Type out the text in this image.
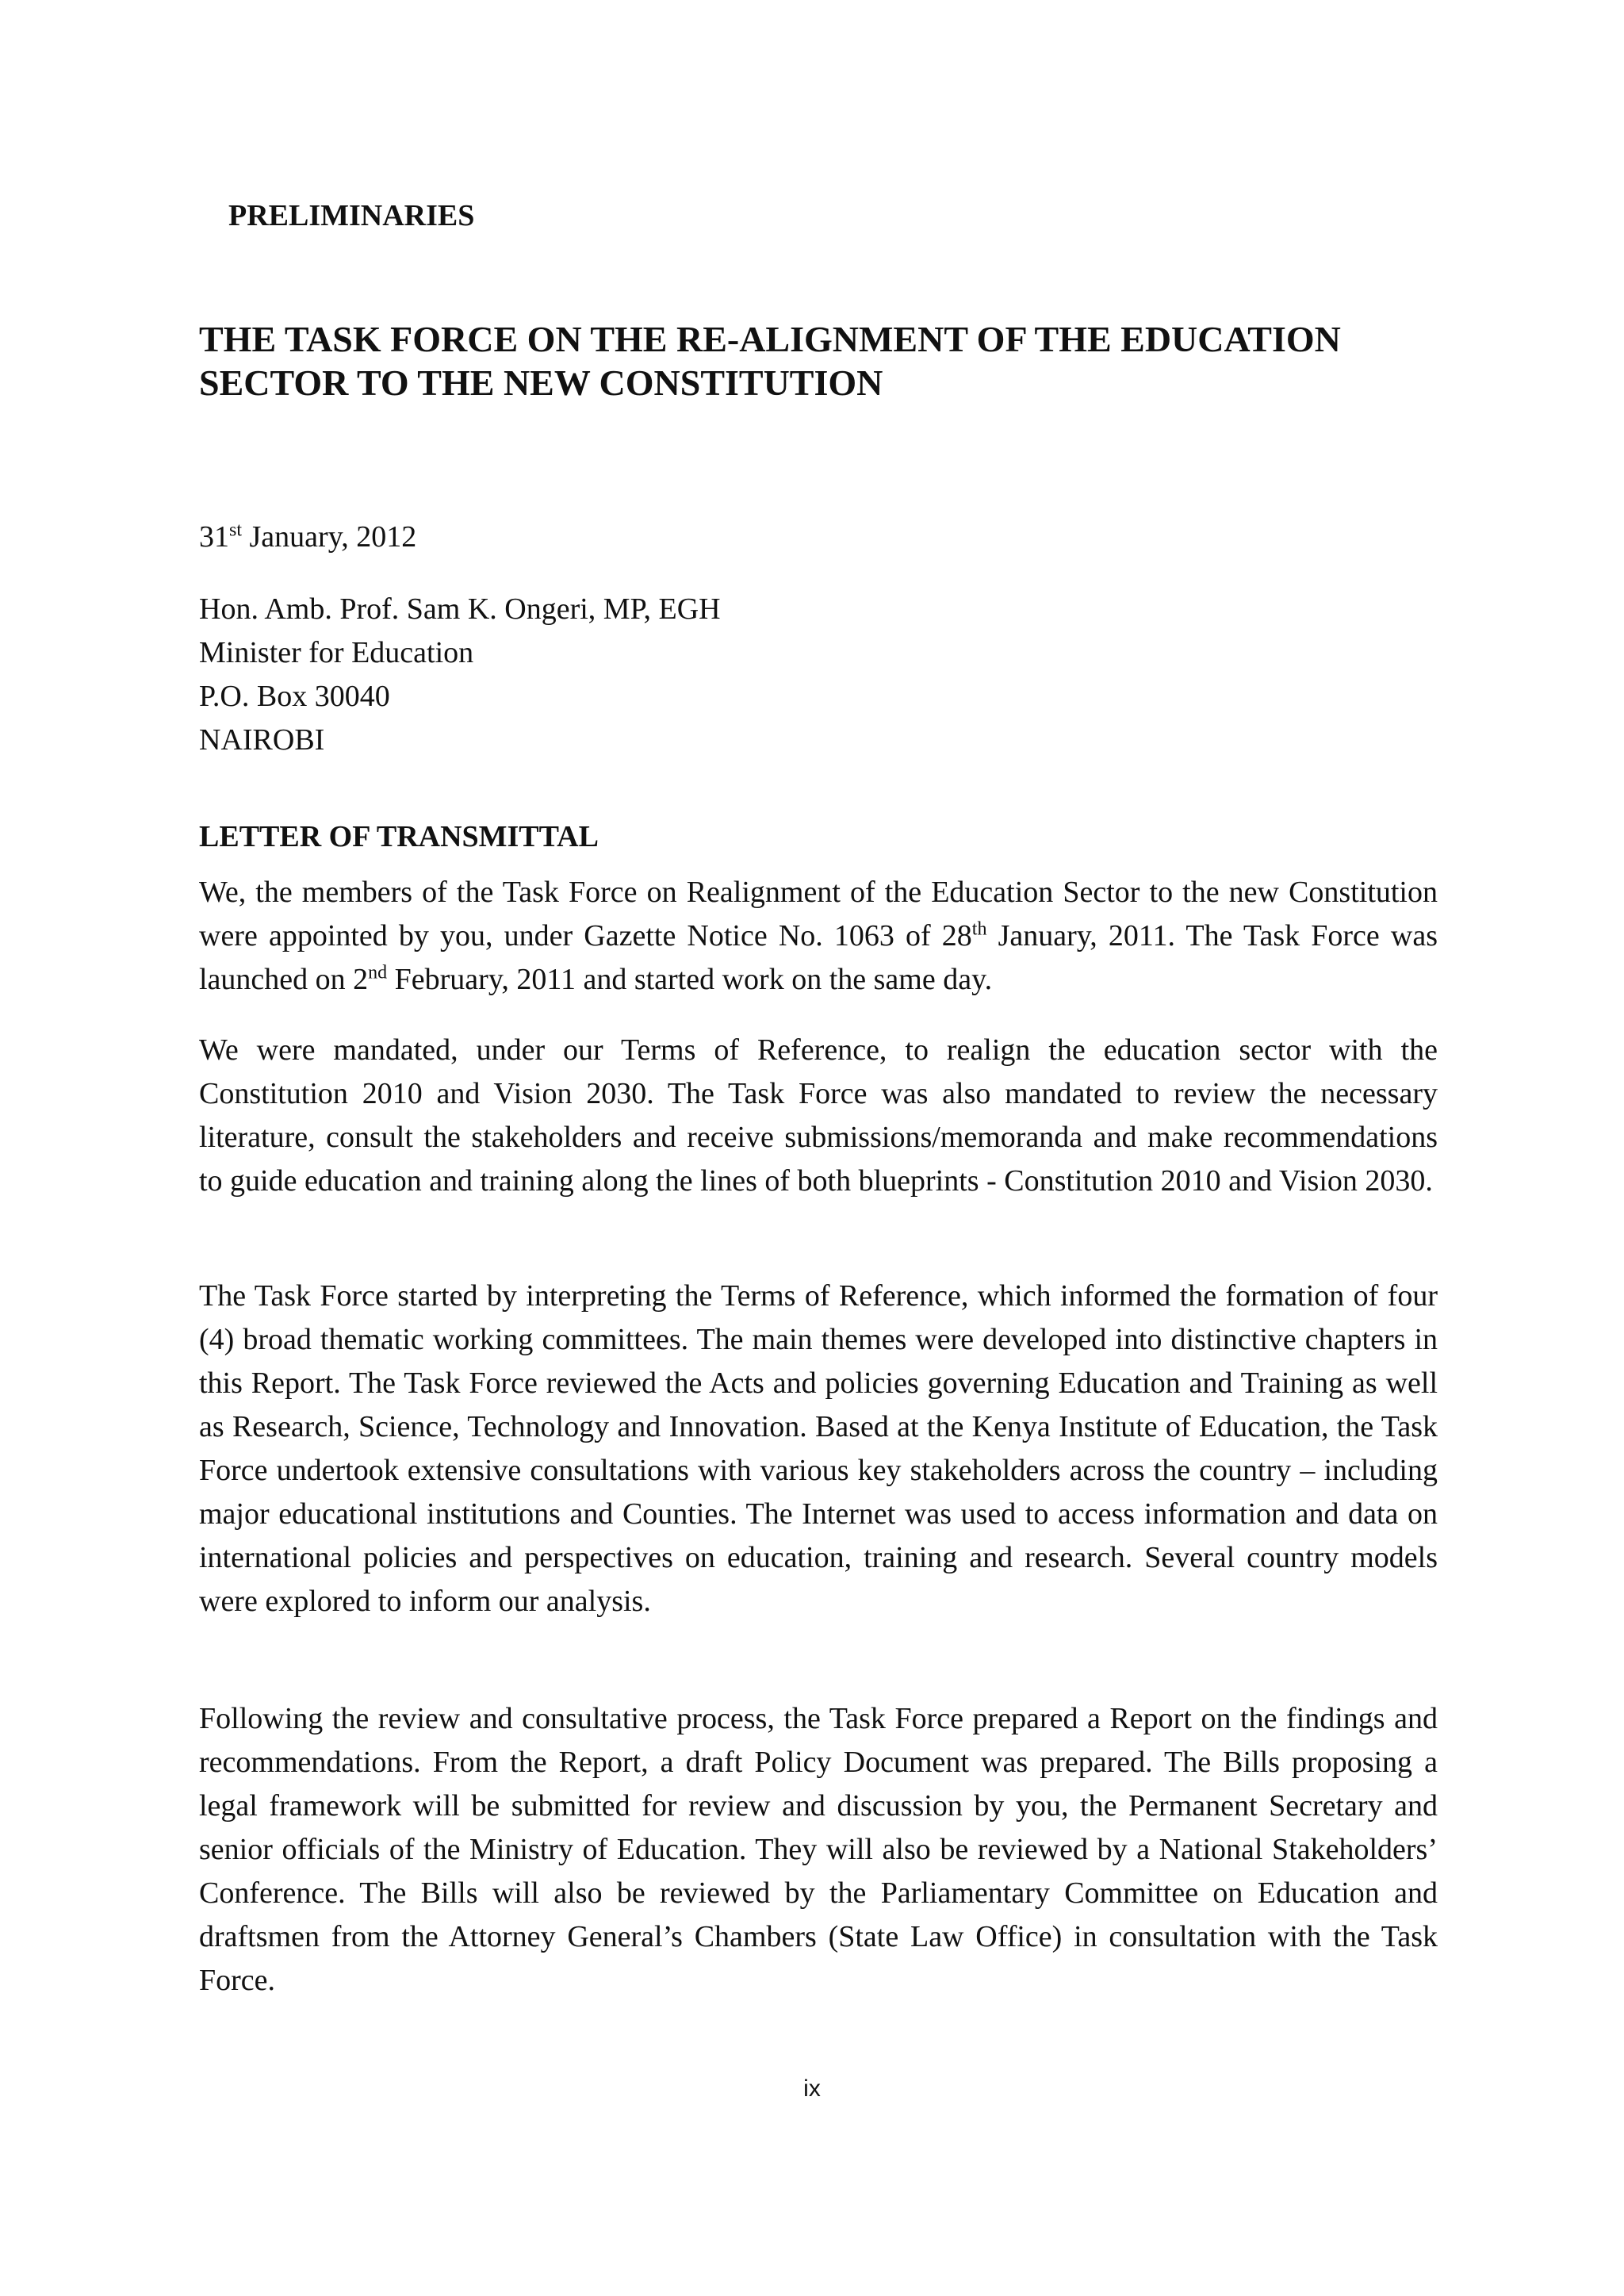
PRELIMINARIES

THE TASK FORCE ON THE RE-ALIGNMENT OF THE EDUCATION
SECTOR TO THE NEW CONSTITUTION

31st January, 2012

Hon. Amb. Prof. Sam K. Ongeri, MP, EGH
Minister for Education
P.O. Box 30040
NAIROBI

LETTER OF TRANSMITTAL

We, the members of the Task Force on Realignment of the Education Sector to the new Constitution were appointed by you, under Gazette Notice No. 1063 of 28th January, 2011. The Task Force was launched on 2nd February, 2011 and started work on the same day.

We were mandated, under our Terms of Reference, to realign the education sector with the Constitution 2010 and Vision 2030. The Task Force was also mandated to review the necessary literature, consult the stakeholders and receive submissions/memoranda and make recommendations to guide education and training along the lines of both blueprints - Constitution 2010 and Vision 2030.

The Task Force started by interpreting the Terms of Reference, which informed the formation of four (4) broad thematic working committees. The main themes were developed into distinctive chapters in this Report. The Task Force reviewed the Acts and policies governing Education and Training as well as Research, Science, Technology and Innovation. Based at the Kenya Institute of Education, the Task Force undertook extensive consultations with various key stakeholders across the country – including major educational institutions and Counties. The Internet was used to access information and data on international policies and perspectives on education, training and research. Several country models were explored to inform our analysis.

Following the review and consultative process, the Task Force prepared a Report on the findings and recommendations. From the Report, a draft Policy Document was prepared. The Bills proposing a legal framework will be submitted for review and discussion by you, the Permanent Secretary and senior officials of the Ministry of Education. They will also be reviewed by a National Stakeholders’ Conference. The Bills will also be reviewed by the Parliamentary Committee on Education and draftsmen from the Attorney General’s Chambers (State Law Office) in consultation with the Task Force.

ix
